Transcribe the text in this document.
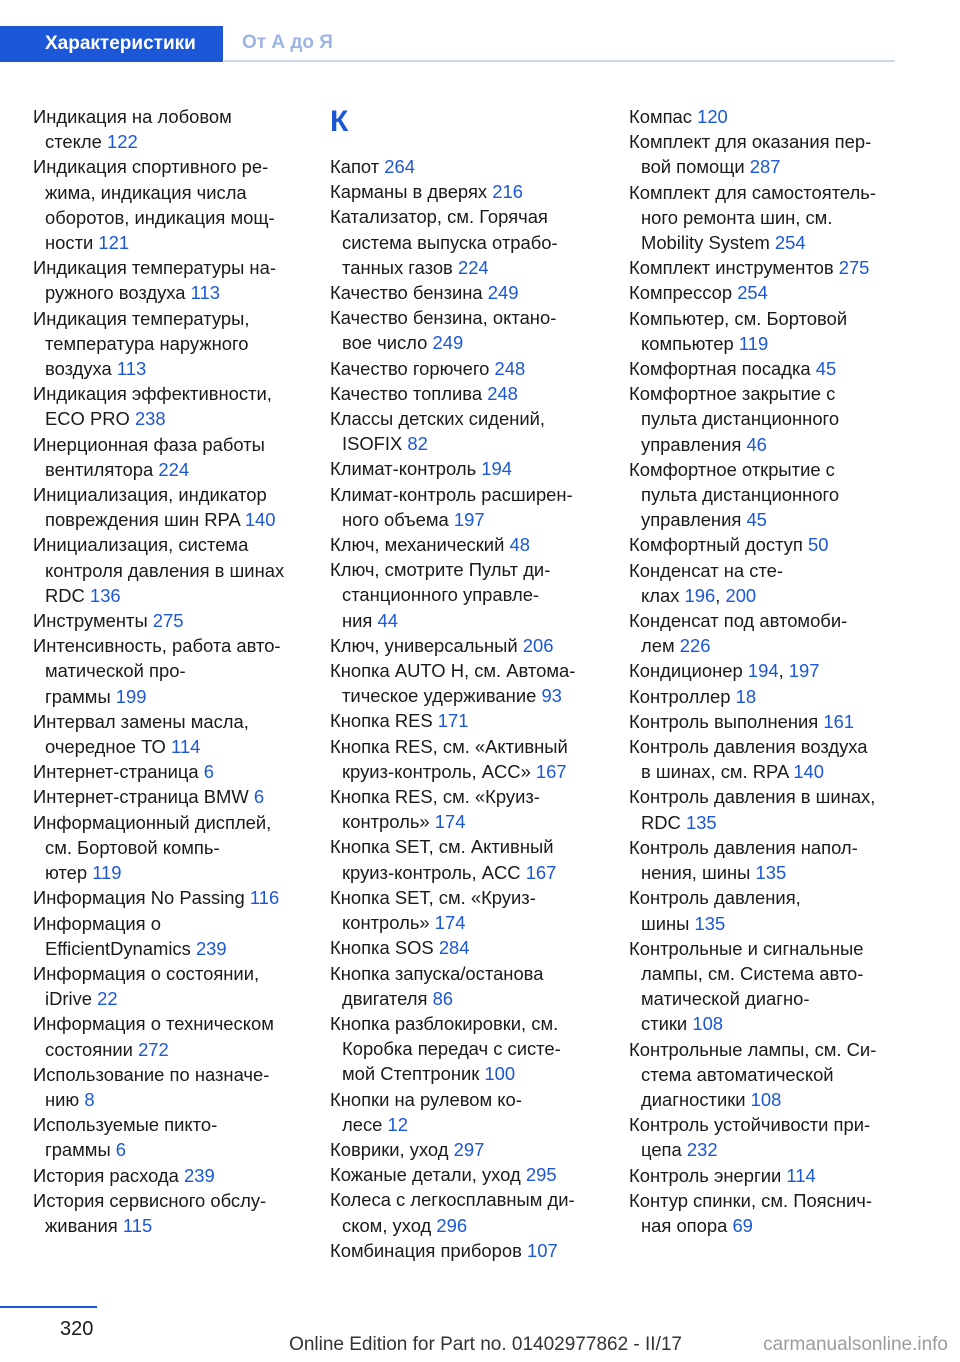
Характеристики	От А до Я

Индикация на лобовом
стекле 122

Индикация спортивного ре‐
жима, индикация числа
оборотов, индикация мощ‐
ности 121

Индикация температуры на‐
ружного воздуха 113

Индикация температуры,
температура наружного
воздуха 113

Индикация эффективности,
ECO PRO 238

Инерционная фаза работы
вентилятора 224

Инициализация, индикатор
повреждения шин RPA 140

Инициализация, система
контроля давления в шинах
RDC 136

Инструменты 275

Интенсивность, работа авто‐
матической про‐
граммы 199

Интервал замены масла,
очередное ТО 114

Интернет-страница 6

Интернет-страница BMW 6

Информационный дисплей,
см. Бортовой компь‐
ютер 119

Информация No Passing 116

Информация о
EfficientDynamics 239

Информация о состоянии,
iDrive 22

Информация о техническом
состоянии 272

Использование по назначе‐
нию 8

Используемые пикто‐
граммы 6

История расхода 239

История сервисного обслу‐
живания 115

К

Капот 264

Карманы в дверях 216

Катализатор, см. Горячая
система выпуска отрабо‐
танных газов 224

Качество бензина 249

Качество бензина, октано‐
вое число 249

Качество горючего 248

Качество топлива 248

Классы детских сидений,
ISOFIX 82

Климат-контроль 194

Климат-контроль расширен‐
ного объема 197

Ключ, механический 48

Ключ, смотрите Пульт ди‐
станционного управле‐
ния 44

Ключ, универсальный 206

Кнопка AUTO H, см. Автома‐
тическое удерживание 93

Кнопка RES 171

Кнопка RES, см. «Активный
круиз-контроль, ACC» 167

Кнопка RES, см. «Круиз-
контроль» 174

Кнопка SET, см. Активный
круиз-контроль, ACC 167

Кнопка SET, см. «Круиз-
контроль» 174

Кнопка SOS 284

Кнопка запуска/останова
двигателя 86

Кнопка разблокировки, см.
Коробка передач с систе‐
мой Стептроник 100

Кнопки на рулевом ко‐
лесе 12

Коврики, уход 297

Кожаные детали, уход 295

Колеса с легкосплавным ди‐
ском, уход 296

Комбинация приборов 107

Компас 120

Комплект для оказания пер‐
вой помощи 287

Комплект для самостоятель‐
ного ремонта шин, см.
Mobility System 254

Комплект инструментов 275

Компрессор 254

Компьютер, см. Бортовой
компьютер 119

Комфортная посадка 45

Комфортное закрытие с
пульта дистанционного
управления 46

Комфортное открытие с
пульта дистанционного
управления 45

Комфортный доступ 50

Конденсат на сте‐
клах 196, 200

Конденсат под автомоби‐
лем 226

Кондиционер 194, 197

Контроллер 18

Контроль выполнения 161

Контроль давления воздуха
в шинах, см. RPA 140

Контроль давления в шинах,
RDC 135

Контроль давления напол‐
нения, шины 135

Контроль давления,
шины 135

Контрольные и сигнальные
лампы, см. Система авто‐
матической диагно‐
стики 108

Контрольные лампы, см. Си‐
стема автоматической
диагностики 108

Контроль устойчивости при‐
цепа 232

Контроль энергии 114

Контур спинки, см. Пояснич‐
ная опора 69

320
Online Edition for Part no. 01402977862 - II/17	carmanualsonline.info
